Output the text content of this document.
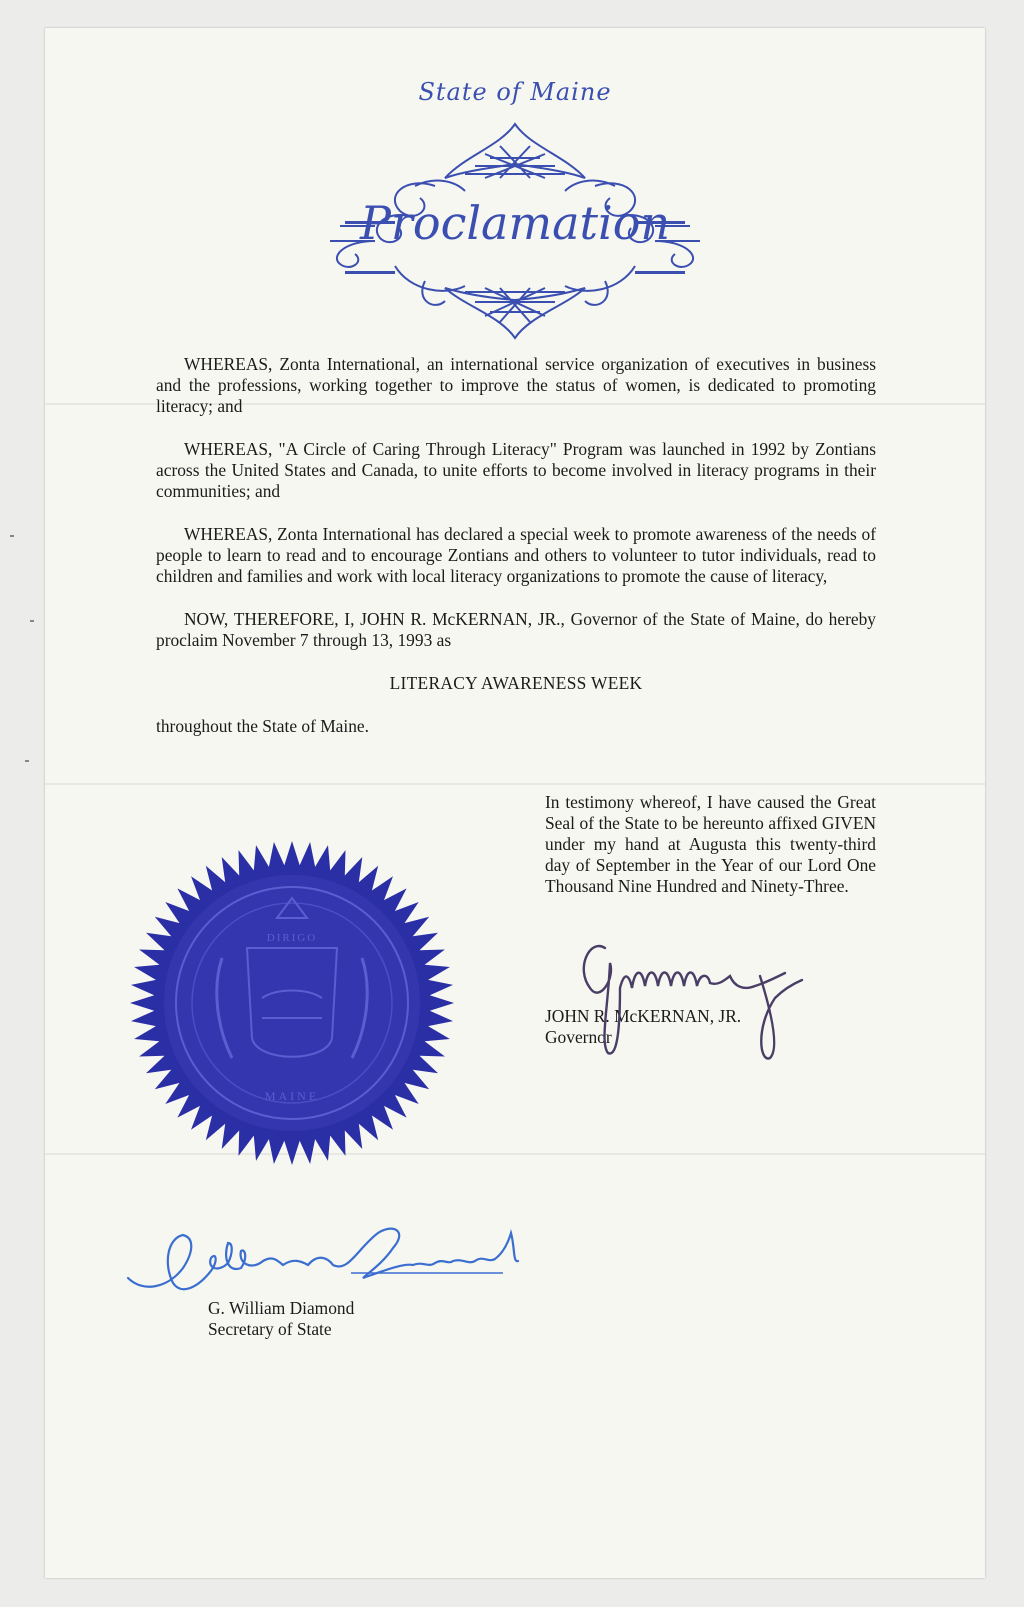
State of Maine
Proclamation

WHEREAS, Zonta International, an international service organization of executives in business and the professions, working together to improve the status of women, is dedicated to promoting literacy; and

WHEREAS, "A Circle of Caring Through Literacy" Program was launched in 1992 by Zontians across the United States and Canada, to unite efforts to become involved in literacy programs in their communities; and

WHEREAS, Zonta International has declared a special week to promote awareness of the needs of people to learn to read and to encourage Zontians and others to volunteer to tutor individuals, read to children and families and work with local literacy organizations to promote the cause of literacy,

NOW, THEREFORE, I, JOHN R. McKERNAN, JR., Governor of the State of Maine, do hereby proclaim November 7 through 13, 1993 as

LITERACY AWARENESS WEEK

throughout the State of Maine.

In testimony whereof, I have caused the Great Seal of the State to be hereunto affixed GIVEN under my hand at Augusta this twenty-third day of September in the Year of our Lord One Thousand Nine Hundred and Ninety-Three.
JOHN R. McKERNAN, JR.
Governor
DIRIGO
MAINE
G. William Diamond
Secretary of State
